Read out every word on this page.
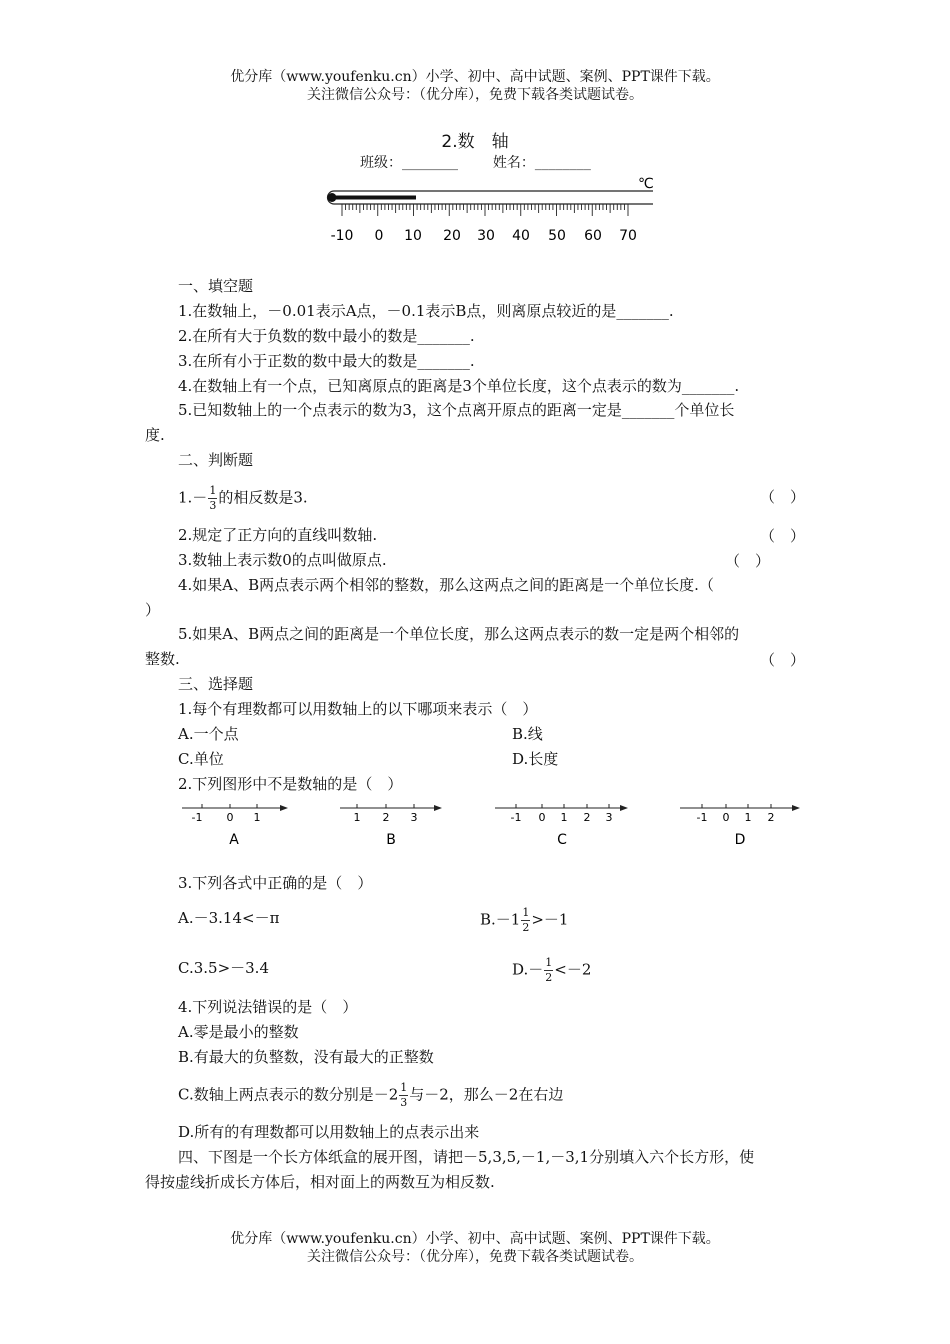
优分库（www.youfenku.cn）小学、初中、高中试题、案例、PPT课件下载。
关注微信公众号：（优分库），免费下载各类试题试卷。
2.数　轴
班级：________ 姓名：________
℃
-10 0 10 20 30 40 50 60 70
一、填空题
1.在数轴上，－0.01表示A点，－0.1表示B点，则离原点较近的是_______.
2.在所有大于负数的数中最小的数是_______.
3.在所有小于正数的数中最大的数是_______.
4.在数轴上有一个点，已知离原点的距离是3个单位长度，这个点表示的数为_______.
5.已知数轴上的一个点表示的数为3，这个点离开原点的距离一定是_______个单位长
度.
二、判断题
$1.- \frac{1}{3}$ 的相反数是3.	（　）
2.规定了正方向的直线叫数轴.	（　）
3.数轴上表示数0的点叫做原点.	（　）
4.如果A、B两点表示两个相邻的整数，那么这两点之间的距离是一个单位长度.（
）
5.如果A、B两点之间的距离是一个单位长度，那么这两点表示的数一定是两个相邻的
整数.	（　）
三、选择题
1.每个有理数都可以用数轴上的以下哪项来表示（　）
A.一个点	B.线
C.单位	D.长度
2.下列图形中不是数轴的是（　）
-1 0 1
A
1 2 3
B
-1 0 1 2 3
C
-1 0 1 2
D
3.下列各式中正确的是（　）
A.－3.14<－π	$B.-1 \frac{1}{2} >-1$
C.3.5>－3.4	$D.- \frac{1}{2} <-2$
4.下列说法错误的是（　）
A.零是最小的整数
B.有最大的负整数，没有最大的正整数
C.数轴上两点表示的数分别是$-2 \frac{1}{3}$ 与－2，那么－2在右边
D.所有的有理数都可以用数轴上的点表示出来
四、下图是一个长方体纸盒的展开图，请把－5,3,5,－1,－3,1分别填入六个长方形，使
得按虚线折成长方体后，相对面上的两数互为相反数.
优分库（www.youfenku.cn）小学、初中、高中试题、案例、PPT课件下载。
关注微信公众号：（优分库），免费下载各类试题试卷。
